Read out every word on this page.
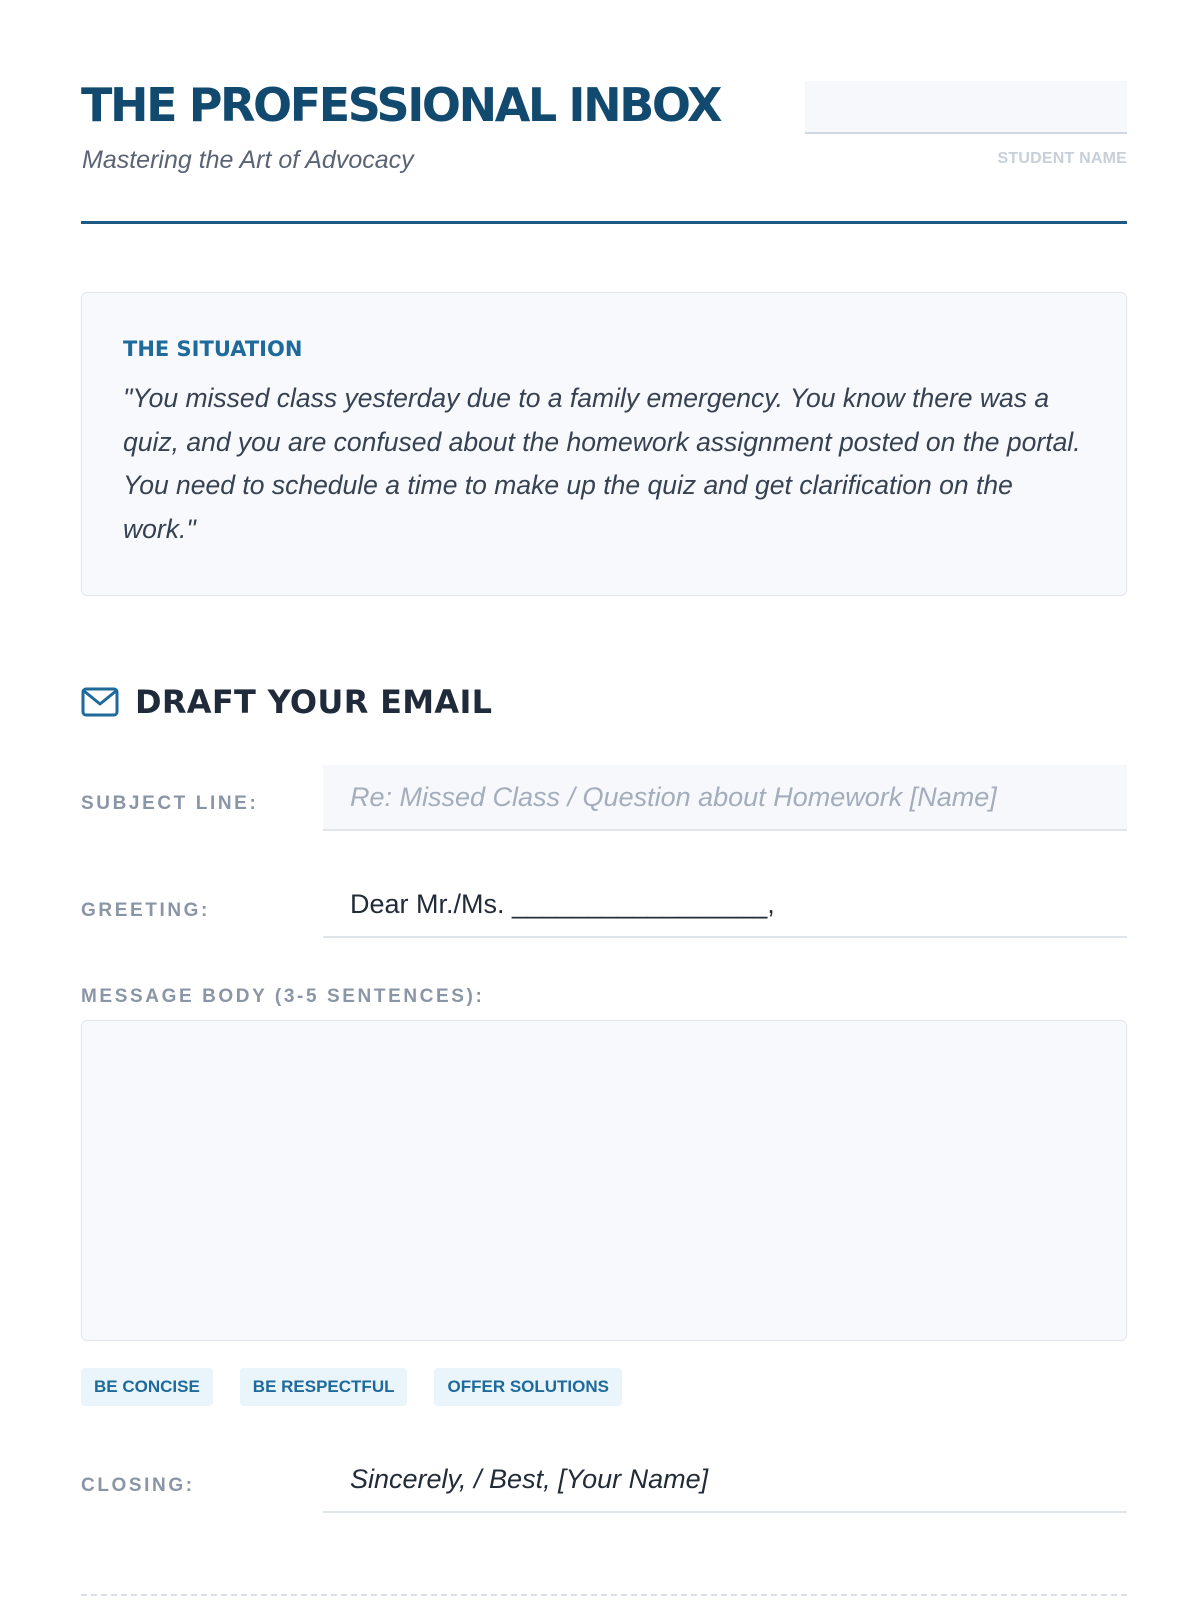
THE PROFESSIONAL INBOX
Mastering the Art of Advocacy	STUDENT NAME
THE SITUATION
"You missed class yesterday due to a family emergency. You know there was a quiz, and you are confused about the homework assignment posted on the portal. You need to schedule a time to make up the quiz and get clarification on the work."
DRAFT YOUR EMAIL
SUBJECT LINE:	Re: Missed Class / Question about Homework [Name]
GREETING:	Dear Mr./Ms. _________________,
MESSAGE BODY (3-5 SENTENCES):
BE CONCISE	BE RESPECTFUL	OFFER SOLUTIONS
CLOSING:	Sincerely, / Best, [Your Name]
